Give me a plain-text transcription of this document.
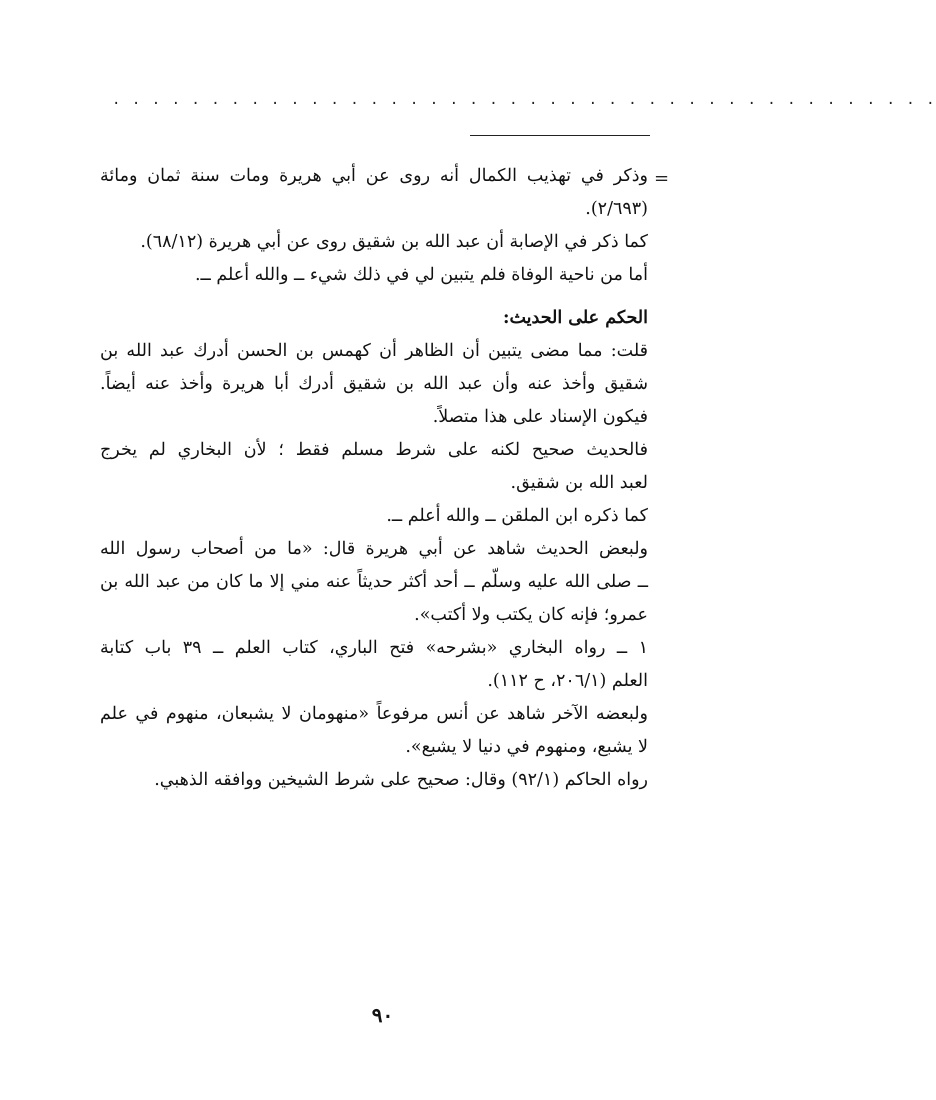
. . . . . . . . . . . . . . . . . . . . . . . . . . . . . . . . . . . . . . . . . .
=
وذكر في تهذيب الكمال أنه روى عن أبي هريرة ومات سنة ثمان ومائة
(٢/٦٩٣).
كما ذكر في الإصابة أن عبد الله بن شقيق روى عن أبي هريرة (٦٨/١٢).
أما من ناحية الوفاة فلم يتبين لي في ذلك شيء ــ والله أعلم ــ.
الحكم على الحديث:
قلت: مما مضى يتبين أن الظاهر أن كهمس بن الحسن أدرك عبد الله بن
شقيق وأخذ عنه وأن عبد الله بن شقيق أدرك أبا هريرة وأخذ عنه أيضاً.
فيكون الإسناد على هذا متصلاً.
فالحديث صحيح لكنه على شرط مسلم فقط ؛ لأن البخاري لم يخرج
لعبد الله بن شقيق.
كما ذكره ابن الملقن ــ والله أعلم ــ.
ولبعض الحديث شاهد عن أبي هريرة قال: «ما من أصحاب رسول الله
ــ صلى الله عليه وسلّم ــ أحد أكثر حديثاً عنه مني إلا ما كان من عبد الله بن
عمرو؛ فإنه كان يكتب ولا أكتب».
١ ــ رواه البخاري «بشرحه» فتح الباري، كتاب العلم ــ ٣٩ باب كتابة
العلم (٢٠٦/١، ح ١١٢).
ولبعضه الآخر شاهد عن أنس مرفوعاً «منهومان لا يشبعان، منهوم في علم
لا يشبع، ومنهوم في دنيا لا يشبع».
رواه الحاكم (٩٢/١) وقال: صحيح على شرط الشيخين ووافقه الذهبي.
٩٠
